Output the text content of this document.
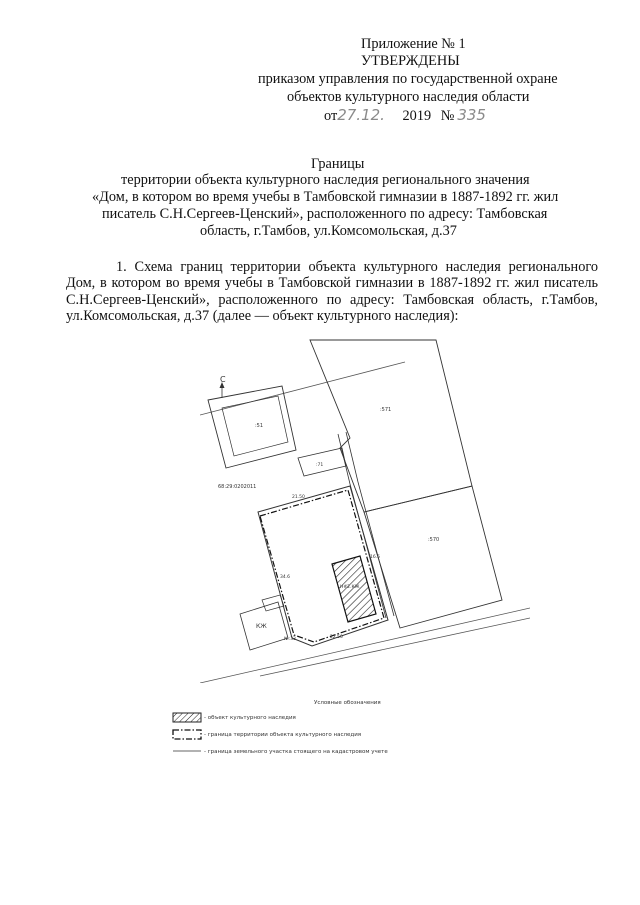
Приложение № 1
УТВЕРЖДЕНЫ
приказом управления по государственной охране
объектов культурного наследия области
от27.12. 2019 № 335
Границы
территории объекта культурного наследия регионального значения
«Дом, в котором во время учебы в Тамбовской гимназии в 1887-1892 гг. жил
писатель С.Н.Сергеев-Ценский», расположенного по адресу: Тамбовская
область, г.Тамбов, ул.Комсомольская, д.37
1. Схема границ территории объекта культурного наследия регионального Дом, в котором во время учебы в Тамбовской гимназии в 1887-1892 гг. жил писатель С.Н.Сергеев-Ценский», расположенного по адресу: Тамбовская область, г.Тамбов, ул.Комсомольская, д.37 (далее — объект культурного наследия):
С
:51
:571
:570
:71
68:29:0202011
Н#2.КЖ
КЖ
21.50
22.50
34.6
16.5
№:33
Условные обозначения
- объект культурного наследия
- граница территории объекта культурного наследия
- граница земельного участка стоящего на кадастровом учете
